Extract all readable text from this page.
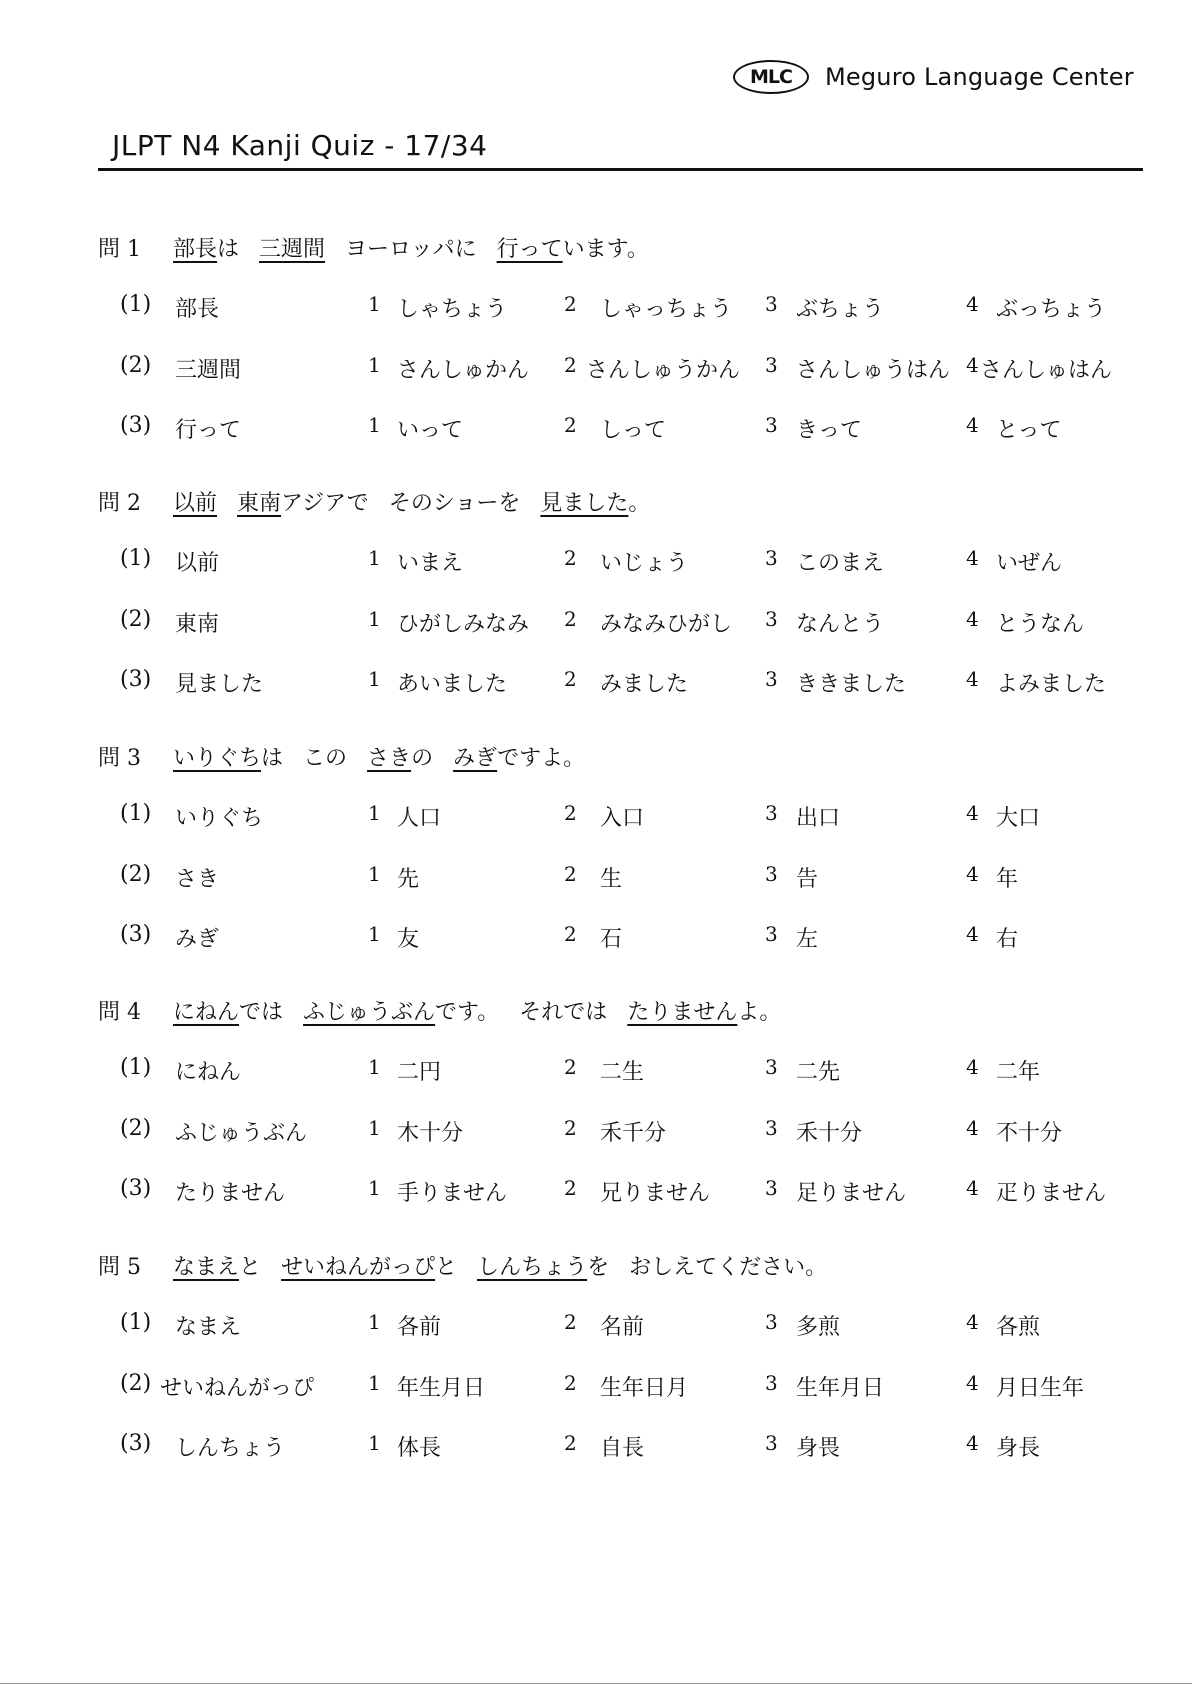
MLC	Meguro Language Center
JLPT N4 Kanji Quiz - 17/34
問 1 部長は 三週間 ヨーロッパに 行っています。
(1) 部長	1 しゃちょう	2 しゃっちょう 3 ぶちょう	4 ぶっちょう
(2) 三週間	1 さんしゅかん 2 さんしゅうかん 3 さんしゅうはん 4 さんしゅはん
(3) 行って	1 いって	2 しって	3 きって	4 とって
問 2 以前 東南アジアで そのショーを 見ました。
(1) 以前	1 いまえ	2 いじょう	3 このまえ	4 いぜん
(2) 東南	1 ひがしみなみ 2 みなみひがし 3 なんとう	4 とうなん
(3) 見ました	1 あいました	2 みました	3 ききました	4 よみました
問 3 いりぐちは この さきの みぎですよ。
(1) いりぐち	1 人口	2 入口	3 出口	4 大口
(2) さき	1 先	2 生	3 告	4 年
(3) みぎ	1 友	2 石	3 左	4 右
問 4 にねんでは ふじゅうぶんです。 それでは たりませんよ。
(1) にねん	1 二円	2 二生	3 二先	4 二年
(2) ふじゅうぶん	1 木十分	2 禾千分	3 禾十分	4 不十分
(3) たりません	1 手りません	2 兄りません	3 足りません	4 疋りません
問 5 なまえと せいねんがっぴと しんちょうを おしえてください。
(1) なまえ	1 各前	2 名前	3 多煎	4 各煎
(2) せいねんがっぴ	1 年生月日	2 生年日月	3 生年月日	4 月日生年
(3) しんちょう	1 体長	2 自長	3 身畏	4 身長
